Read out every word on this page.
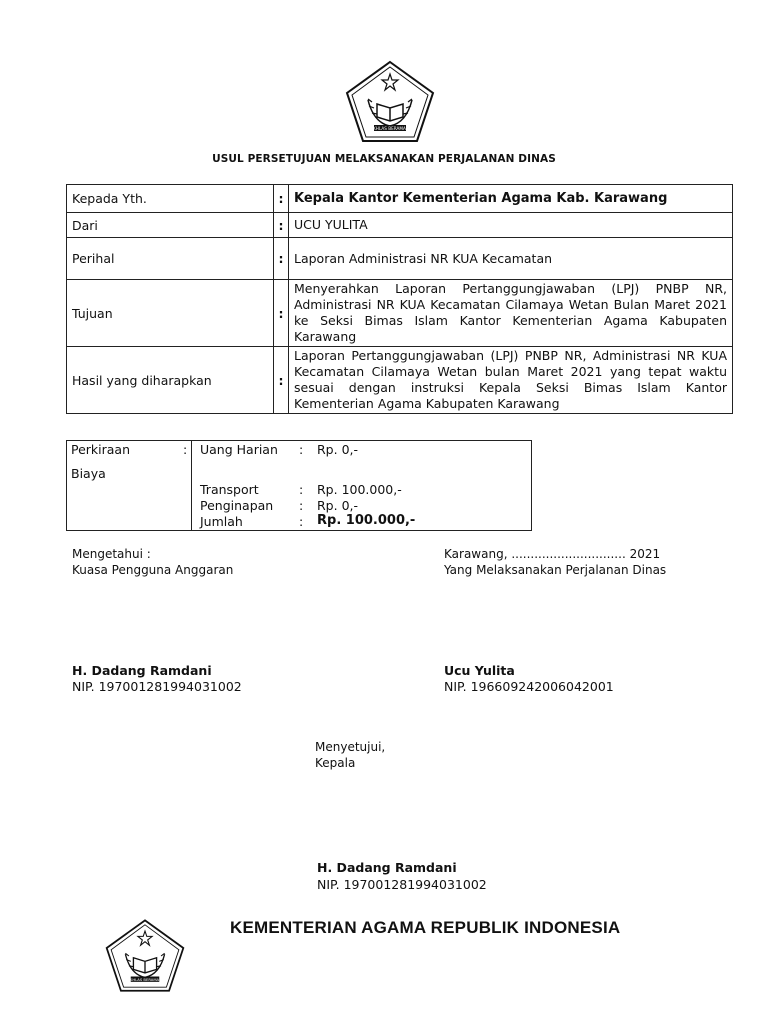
IKHLAS BERAMAL
USUL PERSETUJUAN MELAKSANAKAN PERJALANAN DINAS
Kepada Yth.	:	Kepala Kantor Kementerian Agama Kab. Karawang
Dari	:	UCU YULITA
Perihal	:	Laporan Administrasi NR KUA Kecamatan
Tujuan	:	Menyerahkan Laporan Pertanggungjawaban (LPJ) PNBP NR, Administrasi NR KUA Kecamatan Cilamaya Wetan Bulan Maret 2021 ke Seksi Bimas Islam Kantor Kementerian Agama Kabupaten Karawang
Hasil yang diharapkan	:	Laporan Pertanggungjawaban (LPJ) PNBP NR, Administrasi NR KUA Kecamatan Cilamaya Wetan bulan Maret 2021 yang tepat waktu sesuai dengan instruksi Kepala Seksi Bimas Islam Kantor Kementerian Agama Kabupaten Karawang
Perkiraan	:
Biaya
Uang Harian : Rp. 0,-
Transport	: Rp. 100.000,-
Penginapan : Rp. 0,-
Jumlah	: Rp. 100.000,-
Mengetahui :
Kuasa Pengguna Anggaran
H. Dadang Ramdani
NIP. 197001281994031002
Karawang, .............................. 2021
Yang Melaksanakan Perjalanan Dinas
Ucu Yulita
NIP. 196609242006042001
Menyetujui,
Kepala
H. Dadang Ramdani
NIP. 197001281994031002
IKHLAS BERAMAL
KEMENTERIAN AGAMA REPUBLIK INDONESIA
